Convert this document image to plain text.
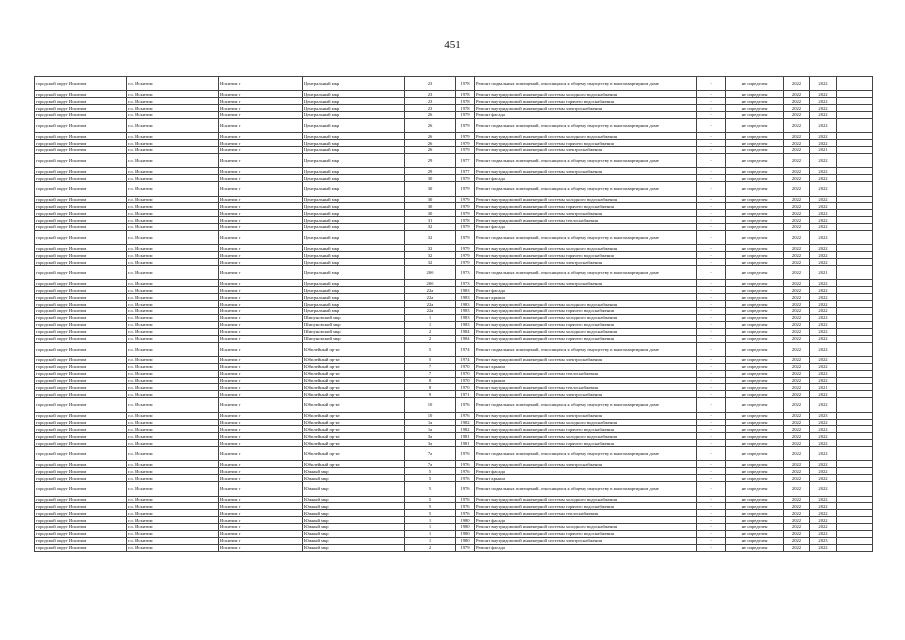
451
городской округ Искитим	г.о. Искитим	Искитим г	Центральный мкр	23	1978	Ремонт подвальных помещений, относящихся к общему имуществу в многоквартирном доме	-	не определен	2022	2022	
городской округ Искитим	г.о. Искитим	Искитим г	Центральный мкр	23	1978	Ремонт внутридомовой инженерной системы холодного водоснабжения	-	не определен	2022	2022	
городской округ Искитим	г.о. Искитим	Искитим г	Центральный мкр	23	1978	Ремонт внутридомовой инженерной системы горячего водоснабжения	-	не определен	2022	2022	
городской округ Искитим	г.о. Искитим	Искитим г	Центральный мкр	23	1978	Ремонт внутридомовой инженерной системы электроснабжения	-	не определен	2022	2022	
городской округ Искитим	г.о. Искитим	Искитим г	Центральный мкр	26	1979	Ремонт фасада	-	не определен	2022	2022	
городской округ Искитим	г.о. Искитим	Искитим г	Центральный мкр	26	1979	Ремонт подвальных помещений, относящихся к общему имуществу в многоквартирном доме	-	не определен	2022	2022	
городской округ Искитим	г.о. Искитим	Искитим г	Центральный мкр	26	1979	Ремонт внутридомовой инженерной системы холодного водоснабжения	-	не определен	2022	2022	
городской округ Искитим	г.о. Искитим	Искитим г	Центральный мкр	26	1979	Ремонт внутридомовой инженерной системы горячего водоснабжения	-	не определен	2022	2022	
городской округ Искитим	г.о. Искитим	Искитим г	Центральный мкр	26	1979	Ремонт внутридомовой инженерной системы электроснабжения	-	не определен	2022	2021	
городской округ Искитим	г.о. Искитим	Искитим г	Центральный мкр	29	1977	Ремонт подвальных помещений, относящихся к общему имуществу в многоквартирном доме	-	не определен	2022	2022	
городской округ Искитим	г.о. Искитим	Искитим г	Центральный мкр	29	1977	Ремонт внутридомовой инженерной системы электроснабжения	-	не определен	2022	2022	
городской округ Искитим	г.о. Искитим	Искитим г	Центральный мкр	30	1979	Ремонт фасада	-	не определен	2022	2022	
городской округ Искитим	г.о. Искитим	Искитим г	Центральный мкр	30	1979	Ремонт подвальных помещений, относящихся к общему имуществу в многоквартирном доме	-	не определен	2022	2022	
городской округ Искитим	г.о. Искитим	Искитим г	Центральный мкр	30	1979	Ремонт внутридомовой инженерной системы холодного водоснабжения	-	не определен	2022	2022	
городской округ Искитим	г.о. Искитим	Искитим г	Центральный мкр	30	1979	Ремонт внутридомовой инженерной системы горячего водоснабжения	-	не определен	2022	2022	
городской округ Искитим	г.о. Искитим	Искитим г	Центральный мкр	30	1979	Ремонт внутридомовой инженерной системы электроснабжения	-	не определен	2022	2022	
городской округ Искитим	г.о. Искитим	Искитим г	Центральный мкр	31	1978	Ремонт внутридомовой инженерной системы теплоснабжения	-	не определен	2022	2022	
городской округ Искитим	г.о. Искитим	Искитим г	Центральный мкр	32	1979	Ремонт фасада	-	не определен	2022	2022	
городской округ Искитим	г.о. Искитим	Искитим г	Центральный мкр	32	1979	Ремонт подвальных помещений, относящихся к общему имуществу в многоквартирном доме	-	не определен	2022	2022	
городской округ Искитим	г.о. Искитим	Искитим г	Центральный мкр	32	1979	Ремонт внутридомовой инженерной системы холодного водоснабжения	-	не определен	2022	2022	
городской округ Искитим	г.о. Искитим	Искитим г	Центральный мкр	32	1979	Ремонт внутридомовой инженерной системы горячего водоснабжения	-	не определен	2022	2022	
городской округ Искитим	г.о. Искитим	Искитим г	Центральный мкр	32	1979	Ремонт внутридомовой инженерной системы электроснабжения	-	не определен	2022	2022	
городской округ Искитим	г.о. Искитим	Искитим г	Центральный мкр	20б	1973	Ремонт подвальных помещений, относящихся к общему имуществу в многоквартирном доме	-	не определен	2022	2021	
городской округ Искитим	г.о. Искитим	Искитим г	Центральный мкр	20б	1973	Ремонт внутридомовой инженерной системы электроснабжения	-	не определен	2022	2022	
городской округ Искитим	г.о. Искитим	Искитим г	Центральный мкр	22а	1983	Ремонт фасада	-	не определен	2022	2022	
городской округ Искитим	г.о. Искитим	Искитим г	Центральный мкр	22а	1983	Ремонт крыши	-	не определен	2022	2022	
городской округ Искитим	г.о. Искитим	Искитим г	Центральный мкр	22а	1983	Ремонт внутридомовой инженерной системы холодного водоснабжения	-	не определен	2022	2022	
городской округ Искитим	г.о. Искитим	Искитим г	Центральный мкр	22а	1983	Ремонт внутридомовой инженерной системы горячего водоснабжения	-	не определен	2022	2022	
городской округ Искитим	г.о. Искитим	Искитим г	Шипуновский мкр	1	1983	Ремонт внутридомовой инженерной системы холодного водоснабжения	-	не определен	2022	2022	
городской округ Искитим	г.о. Искитим	Искитим г	Шипуновский мкр	1	1983	Ремонт внутридомовой инженерной системы горячего водоснабжения	-	не определен	2022	2022	
городской округ Искитим	г.о. Искитим	Искитим г	Шипуновский мкр	2	1984	Ремонт внутридомовой инженерной системы холодного водоснабжения	-	не определен	2022	2022	
городской округ Искитим	г.о. Искитим	Искитим г	Шипуновский мкр	2	1984	Ремонт внутридомовой инженерной системы горячего водоснабжения	-	не определен	2022	2022	
городской округ Искитим	г.о. Искитим	Искитим г	Юбилейный пр-кт	5	1974	Ремонт подвальных помещений, относящихся к общему имуществу в многоквартирном доме	-	не определен	2022	2022	
городской округ Искитим	г.о. Искитим	Искитим г	Юбилейный пр-кт	5	1974	Ремонт внутридомовой инженерной системы электроснабжения	-	не определен	2022	2022	
городской округ Искитим	г.о. Искитим	Искитим г	Юбилейный пр-кт	7	1970	Ремонт крыши	-	не определен	2022	2022	
городской округ Искитим	г.о. Искитим	Искитим г	Юбилейный пр-кт	7	1970	Ремонт внутридомовой инженерной системы теплоснабжения	-	не определен	2022	2022	
городской округ Искитим	г.о. Искитим	Искитим г	Юбилейный пр-кт	8	1970	Ремонт крыши	-	не определен	2022	2022	
городской округ Искитим	г.о. Искитим	Искитим г	Юбилейный пр-кт	8	1970	Ремонт внутридомовой инженерной системы теплоснабжения	-	не определен	2022	2021	
городской округ Искитим	г.о. Искитим	Искитим г	Юбилейный пр-кт	9	1971	Ремонт внутридомовой инженерной системы электроснабжения	-	не определен	2022	2022	
городской округ Искитим	г.о. Искитим	Искитим г	Юбилейный пр-кт	10	1976	Ремонт подвальных помещений, относящихся к общему имуществу в многоквартирном доме	-	не определен	2022	2022	
городской округ Искитим	г.о. Искитим	Искитим г	Юбилейный пр-кт	10	1976	Ремонт внутридомовой инженерной системы электроснабжения	-	не определен	2022	2023	
городской округ Искитим	г.о. Искитим	Искитим г	Юбилейный пр-кт	1а	1982	Ремонт внутридомовой инженерной системы холодного водоснабжения	-	не определен	2022	2022	
городской округ Искитим	г.о. Искитим	Искитим г	Юбилейный пр-кт	1а	1982	Ремонт внутридомовой инженерной системы горячего водоснабжения	-	не определен	2022	2022	
городской округ Искитим	г.о. Искитим	Искитим г	Юбилейный пр-кт	3а	1981	Ремонт внутридомовой инженерной системы холодного водоснабжения	-	не определен	2022	2022	
городской округ Искитим	г.о. Искитим	Искитим г	Юбилейный пр-кт	3а	1981	Ремонт внутридомовой инженерной системы горячего водоснабжения	-	не определен	2022	2022	
городской округ Искитим	г.о. Искитим	Искитим г	Юбилейный пр-кт	7а	1976	Ремонт подвальных помещений, относящихся к общему имуществу в многоквартирном доме	-	не определен	2022	2022	
городской округ Искитим	г.о. Искитим	Искитим г	Юбилейный пр-кт	7а	1976	Ремонт внутридомовой инженерной системы электроснабжения	-	не определен	2022	2022	
городской округ Искитим	г.о. Искитим	Искитим г	Южный мкр	5	1976	Ремонт фасада	-	не определен	2022	2022	
городской округ Искитим	г.о. Искитим	Искитим г	Южный мкр	5	1976	Ремонт крыши	-	не определен	2022	2022	
городской округ Искитим	г.о. Искитим	Искитим г	Южный мкр	5	1976	Ремонт подвальных помещений, относящихся к общему имуществу в многоквартирном доме	-	не определен	2022	2022	
городской округ Искитим	г.о. Искитим	Искитим г	Южный мкр	5	1976	Ремонт внутридомовой инженерной системы холодного водоснабжения	-	не определен	2022	2022	
городской округ Искитим	г.о. Искитим	Искитим г	Южный мкр	5	1976	Ремонт внутридомовой инженерной системы горячего водоснабжения	-	не определен	2022	2022	
городской округ Искитим	г.о. Искитим	Искитим г	Южный мкр	5	1976	Ремонт внутридомовой инженерной системы теплоснабжения	-	не определен	2022	2022	
городской округ Искитим	г.о. Искитим	Искитим г	Южный мкр	1	1980	Ремонт фасада	-	не определен	2022	2022	
городской округ Искитим	г.о. Искитим	Искитим г	Южный мкр	1	1980	Ремонт внутридомовой инженерной системы холодного водоснабжения	-	не определен	2022	2022	
городской округ Искитим	г.о. Искитим	Искитим г	Южный мкр	1	1980	Ремонт внутридомовой инженерной системы горячего водоснабжения	-	не определен	2022	2022	
городской округ Искитим	г.о. Искитим	Искитим г	Южный мкр	1	1980	Ремонт внутридомовой инженерной системы электроснабжения	-	не определен	2022	2023	
городской округ Искитим	г.о. Искитим	Искитим г	Южный мкр	2	1979	Ремонт фасада	-	не определен	2022	2022	
